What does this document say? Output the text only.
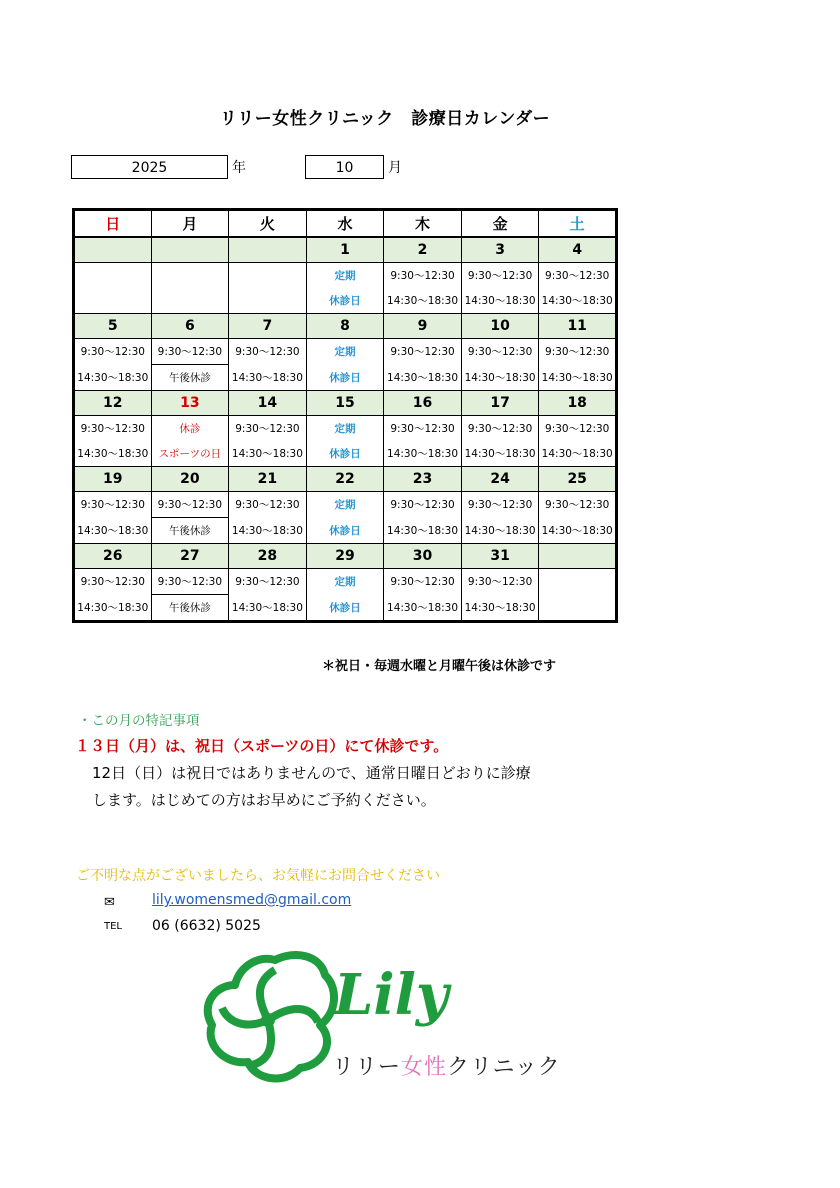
リリー女性クリニック　診療日カレンダー
2025	年	10	月
日	月	火	水	木	金	土
			1	2	3	4
			定期	9:30～12:30	9:30～12:30	9:30～12:30
			休診日	14:30～18:30	14:30～18:30	14:30～18:30
5	6	7	8	9	10	11
9:30～12:30	9:30～12:30	9:30～12:30	定期	9:30～12:30	9:30～12:30	9:30～12:30
14:30～18:30	午後休診	14:30～18:30	休診日	14:30～18:30	14:30～18:30	14:30～18:30
12	13	14	15	16	17	18
9:30～12:30	休診	9:30～12:30	定期	9:30～12:30	9:30～12:30	9:30～12:30
14:30～18:30	スポーツの日	14:30～18:30	休診日	14:30～18:30	14:30～18:30	14:30～18:30
19	20	21	22	23	24	25
9:30～12:30	9:30～12:30	9:30～12:30	定期	9:30～12:30	9:30～12:30	9:30～12:30
14:30～18:30	午後休診	14:30～18:30	休診日	14:30～18:30	14:30～18:30	14:30～18:30
26	27	28	29	30	31	
9:30～12:30	9:30～12:30	9:30～12:30	定期	9:30～12:30	9:30～12:30	
14:30～18:30	午後休診	14:30～18:30	休診日	14:30～18:30	14:30～18:30	
＊祝日・毎週水曜と月曜午後は休診です
・この月の特記事項
１３日（月）は、祝日（スポーツの日）にて休診です。
12日（日）は祝日ではありませんので、通常日曜日どおりに診療
します。はじめての方はお早めにご予約ください。
ご不明な点がございましたら、お気軽にお問合せください
✉	lily.womensmed@gmail.com
TEL 06 (6632) 5025
Lily
リリー女性クリニック
